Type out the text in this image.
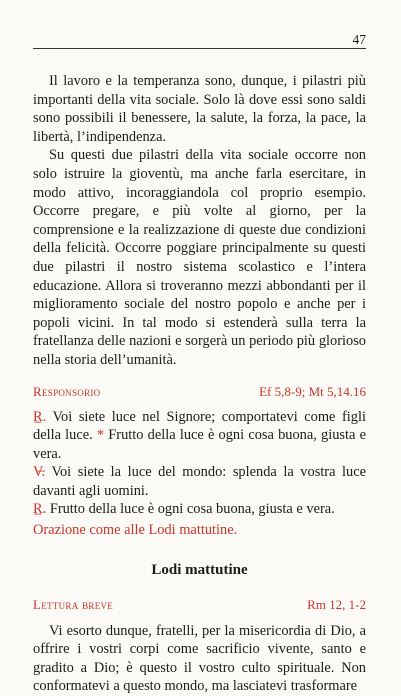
47

Il lavoro e la temperanza sono, dunque, i pilastri più importanti della vita sociale. Solo là dove essi sono saldi sono possibili il benessere, la salute, la forza, la pace, la libertà, l’indipendenza.

Su questi due pilastri della vita sociale occorre non solo istruire la gioventù, ma anche farla esercitare, in modo attivo, incoraggiandola col proprio esempio. Occorre pregare, e più volte al giorno, per la comprensione e la realizzazione di queste due condizioni della felicità. Occorre poggiare principalmente su questi due pilastri il nostro sistema scolastico e l’intera educazione. Allora si troveranno mezzi abbondanti per il miglioramento sociale del nostro popolo e anche per i popoli vicini. In tal modo si estenderà sulla terra la fratellanza delle nazioni e sorgerà un periodo più glorioso nella storia dell’umanità.

Responsorio	Ef 5,8-9; Mt 5,14.16

R̲. Voi siete luce nel Signore; comportatevi come figli della luce. * Frutto della luce è ogni cosa buona, giusta e vera.

V̶. Voi siete la luce del mondo: splenda la vostra luce davanti agli uomini.

R̲. Frutto della luce è ogni cosa buona, giusta e vera.

Orazione come alle Lodi mattutine.
Lodi mattutine
Lettura breve	Rm 12, 1-2

Vi esorto dunque, fratelli, per la misericordia di Dio, a offrire i vostri corpi come sacrificio vivente, santo e gradito a Dio; è questo il vostro culto spirituale. Non conformatevi a questo mondo, ma lasciatevi trasformare
